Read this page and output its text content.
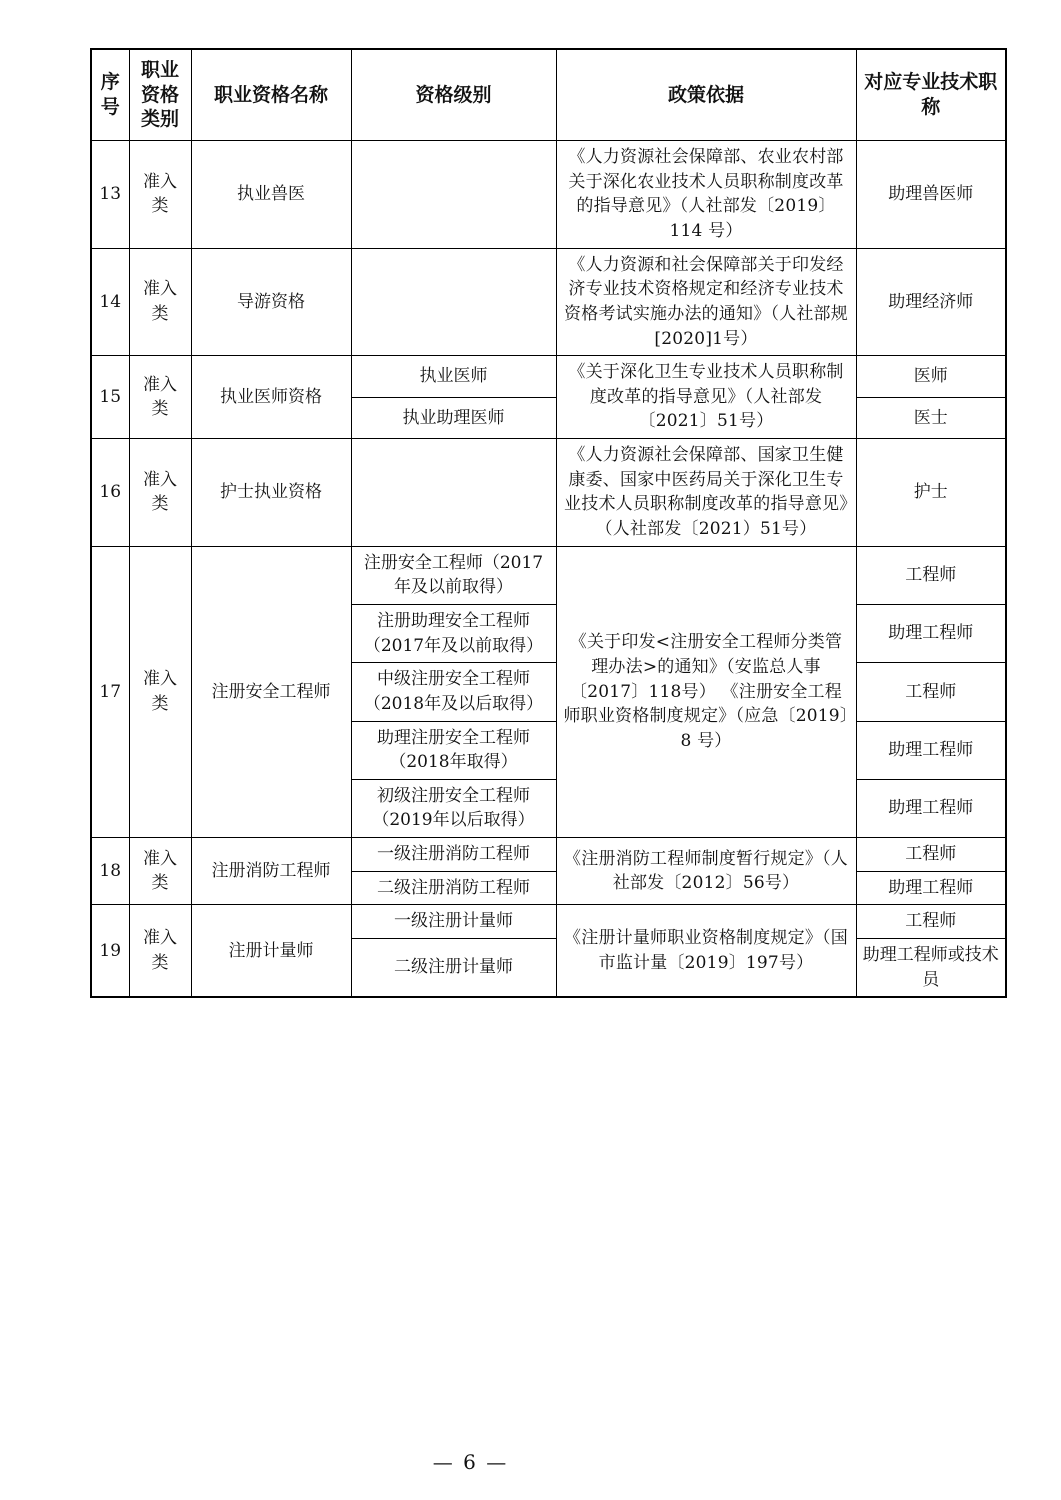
序号	职业资格类别	职业资格名称	资格级别	政策依据	对应专业技术职称
13	准入类	执业兽医		《人力资源社会保障部、农业农村部关于深化农业技术人员职称制度改革的指导意见》（人社部发〔2019〕114 号）	助理兽医师
14	准入类	导游资格		《人力资源和社会保障部关于印发经济专业技术资格规定和经济专业技术资格考试实施办法的通知》（人社部规[2020]1号）	助理经济师
15	准入类	执业医师资格	执业医师	《关于深化卫生专业技术人员职称制度改革的指导意见》（人社部发〔2021〕51号）	医师
			执业助理医师		医士
16	准入类	护士执业资格		《人力资源社会保障部、国家卫生健康委、国家中医药局关于深化卫生专业技术人员职称制度改革的指导意见》（人社部发〔2021）51号）	护士
17	准入类	注册安全工程师	注册安全工程师（2017年及以前取得）	《关于印发<注册安全工程师分类管理办法>的通知》（安监总人事〔2017〕118号） 《注册安全工程师职业资格制度规定》（应急〔2019〕8 号）	工程师
			注册助理安全工程师（2017年及以前取得）		助理工程师
			中级注册安全工程师（2018年及以后取得）		工程师
			助理注册安全工程师（2018年取得）		助理工程师
			初级注册安全工程师（2019年以后取得）		助理工程师
18	准入类	注册消防工程师	一级注册消防工程师	《注册消防工程师制度暂行规定》（人社部发〔2012〕56号）	工程师
			二级注册消防工程师		助理工程师
19	准入类	注册计量师	一级注册计量师	《注册计量师职业资格制度规定》（国市监计量〔2019〕197号）	工程师
			二级注册计量师		助理工程师或技术员
— 6 —
